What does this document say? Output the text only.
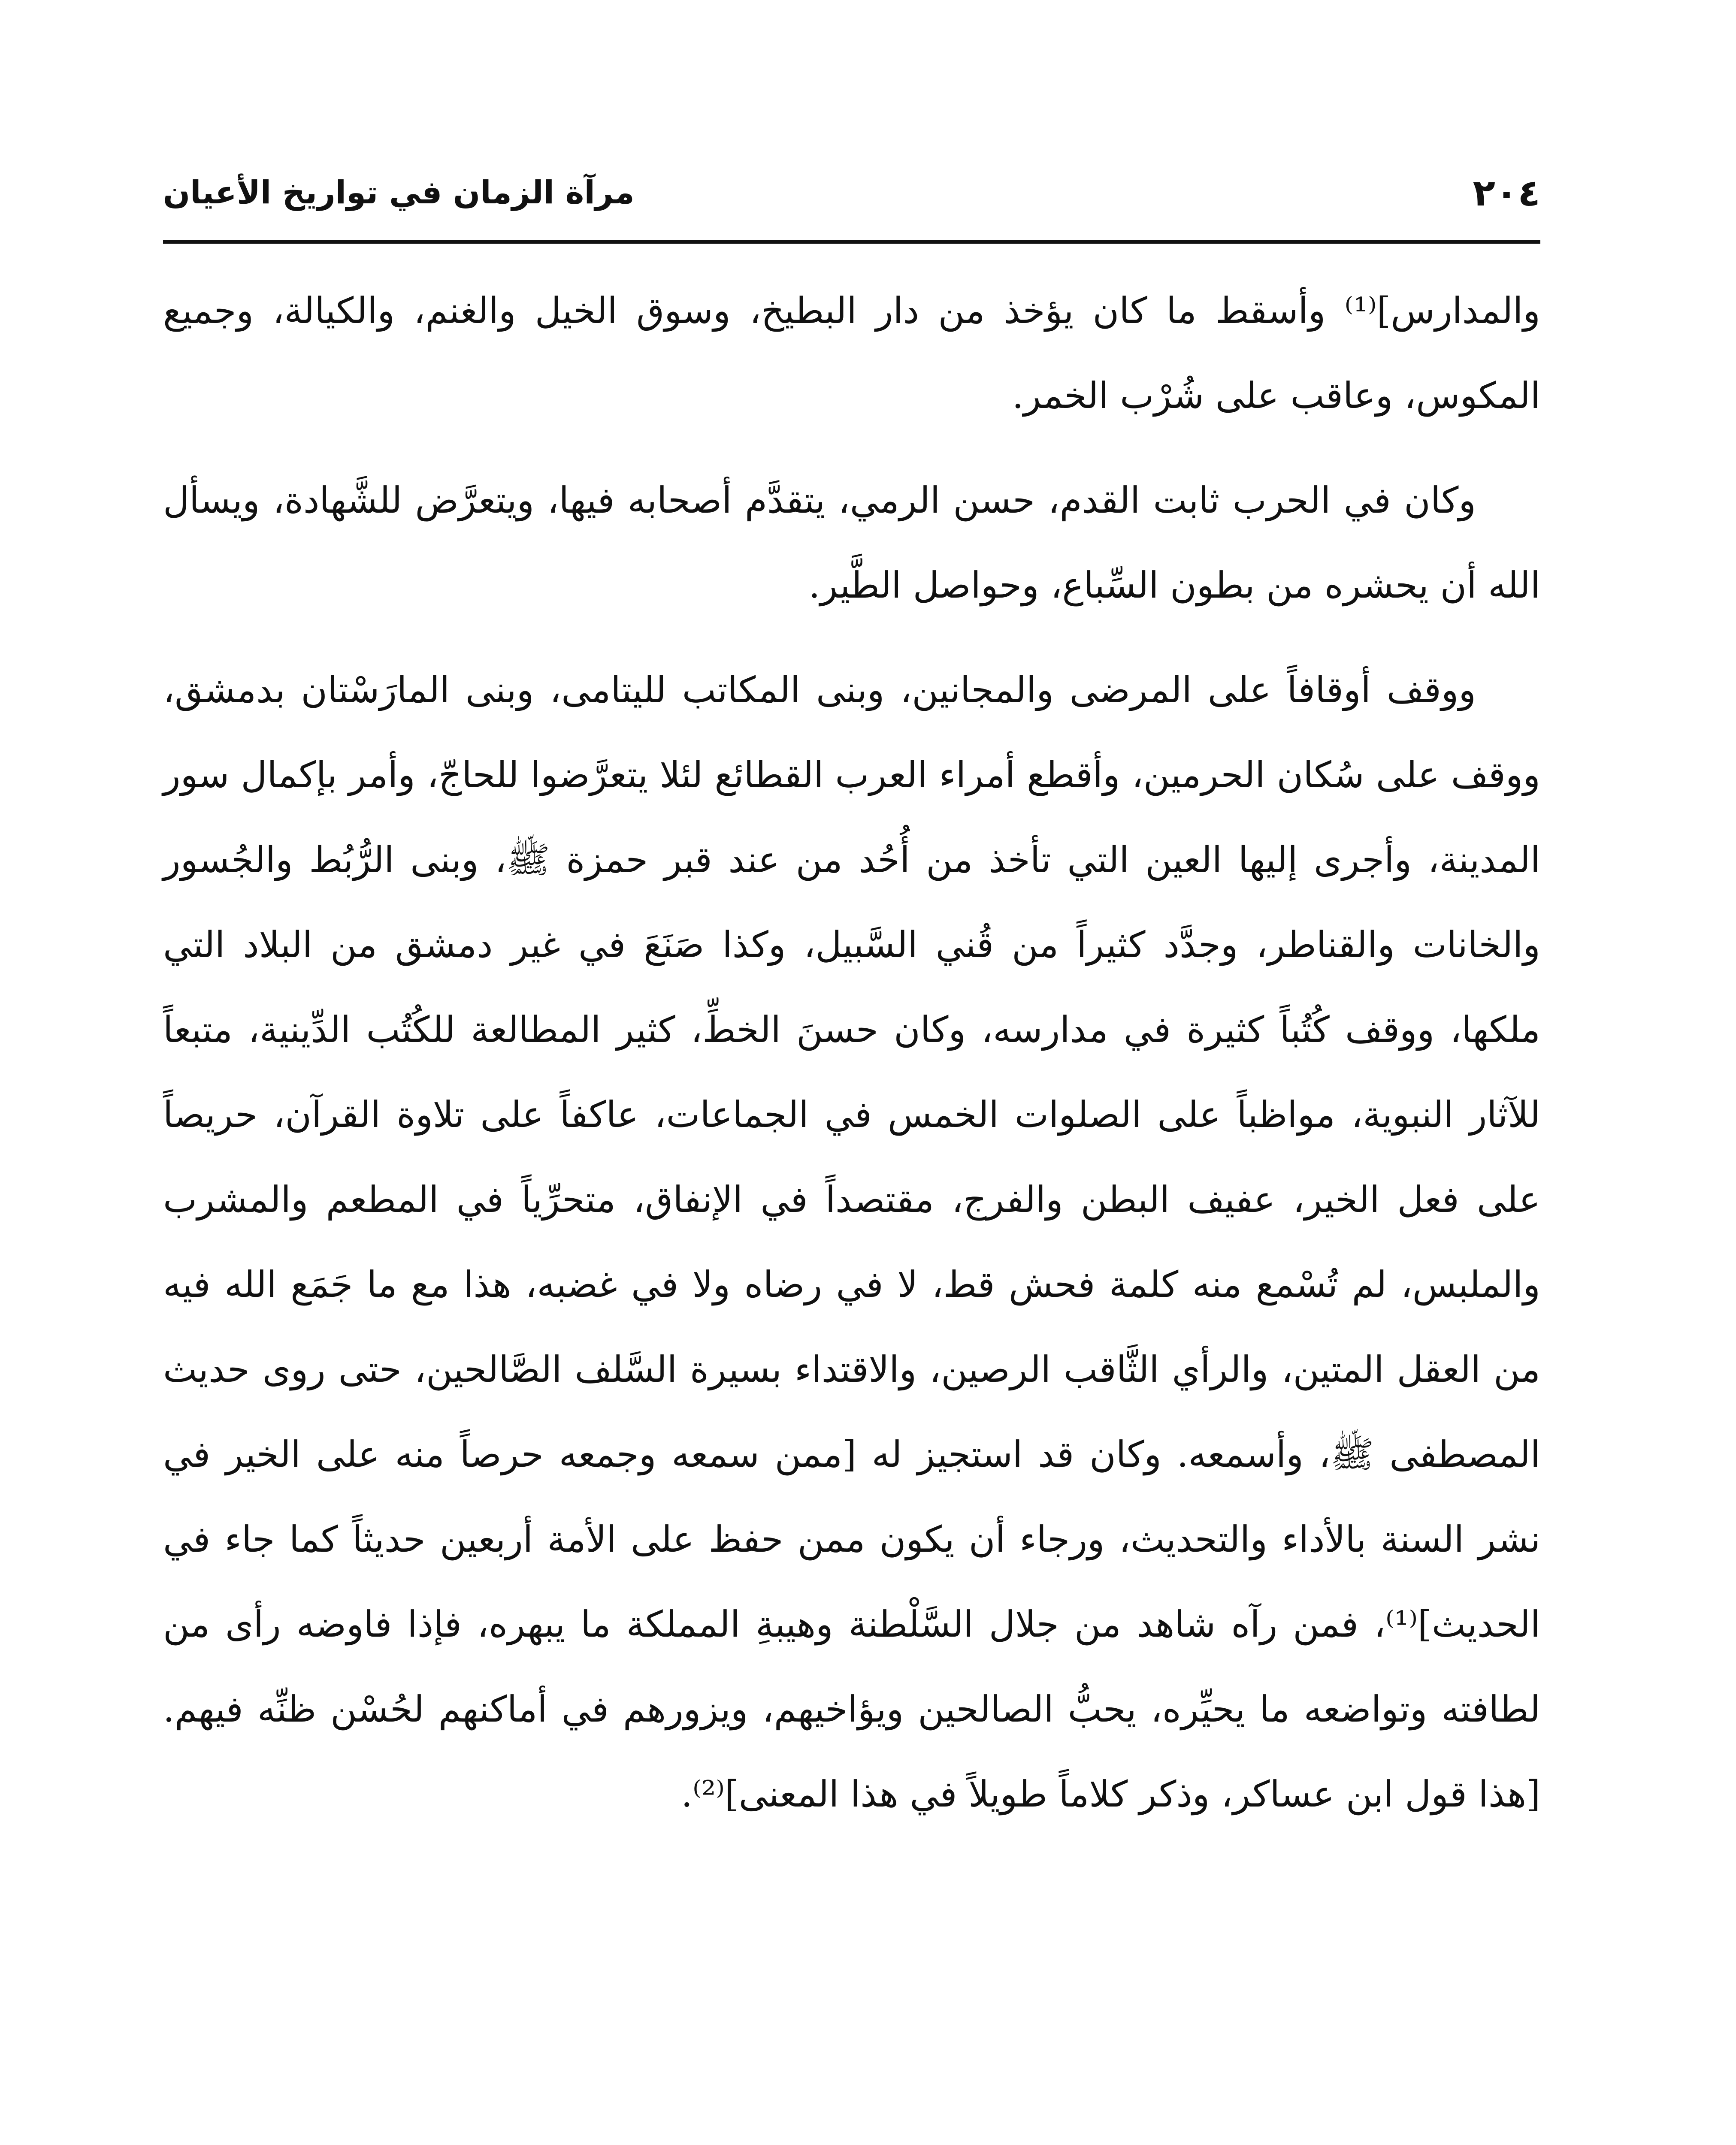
٢٠٤
مرآة الزمان في تواريخ الأعيان

والمدارس]⁽¹⁾ وأسقط ما كان يؤخذ من دار البطيخ، وسوق الخيل والغنم، والكيالة، وجميع المكوس، وعاقب على شُرْب الخمر.

وكان في الحرب ثابت القدم، حسن الرمي، يتقدَّم أصحابه فيها، ويتعرَّض للشَّهادة، ويسأل الله أن يحشره من بطون السِّباع، وحواصل الطَّير.

ووقف أوقافاً على المرضى والمجانين، وبنى المكاتب لليتامى، وبنى المارَسْتان بدمشق، ووقف على سُكان الحرمين، وأقطع أمراء العرب القطائع لئلا يتعرَّضوا للحاجّ، وأمر بإكمال سور المدينة، وأجرى إليها العين التي تأخذ من أُحُد من عند قبر حمزة ﷺ، وبنى الرُّبُط والجُسور والخانات والقناطر، وجدَّد كثيراً من قُني السَّبيل، وكذا صَنَعَ في غير دمشق من البلاد التي ملكها، ووقف كُتُباً كثيرة في مدارسه، وكان حسنَ الخطِّ، كثير المطالعة للكُتُب الدِّينية، متبعاً للآثار النبوية، مواظباً على الصلوات الخمس في الجماعات، عاكفاً على تلاوة القرآن، حريصاً على فعل الخير، عفيف البطن والفرج، مقتصداً في الإنفاق، متحرِّياً في المطعم والمشرب والملبس، لم تُسْمع منه كلمة فحش قط، لا في رضاه ولا في غضبه، هذا مع ما جَمَع الله فيه من العقل المتين، والرأي الثَّاقب الرصين، والاقتداء بسيرة السَّلف الصَّالحين، حتى روى حديث المصطفى ﷺ، وأسمعه. وكان قد استجيز له [ممن سمعه وجمعه حرصاً منه على الخير في نشر السنة بالأداء والتحديث، ورجاء أن يكون ممن حفظ على الأمة أربعين حديثاً كما جاء في الحديث]⁽¹⁾، فمن رآه شاهد من جلال السَّلْطنة وهيبةِ المملكة ما يبهره، فإذا فاوضه رأى من لطافته وتواضعه ما يحيِّره، يحبُّ الصالحين ويؤاخيهم، ويزورهم في أماكنهم لحُسْن ظنِّه فيهم. [هذا قول ابن عساكر، وذكر كلاماً طويلاً في هذا المعنى]⁽²⁾.
